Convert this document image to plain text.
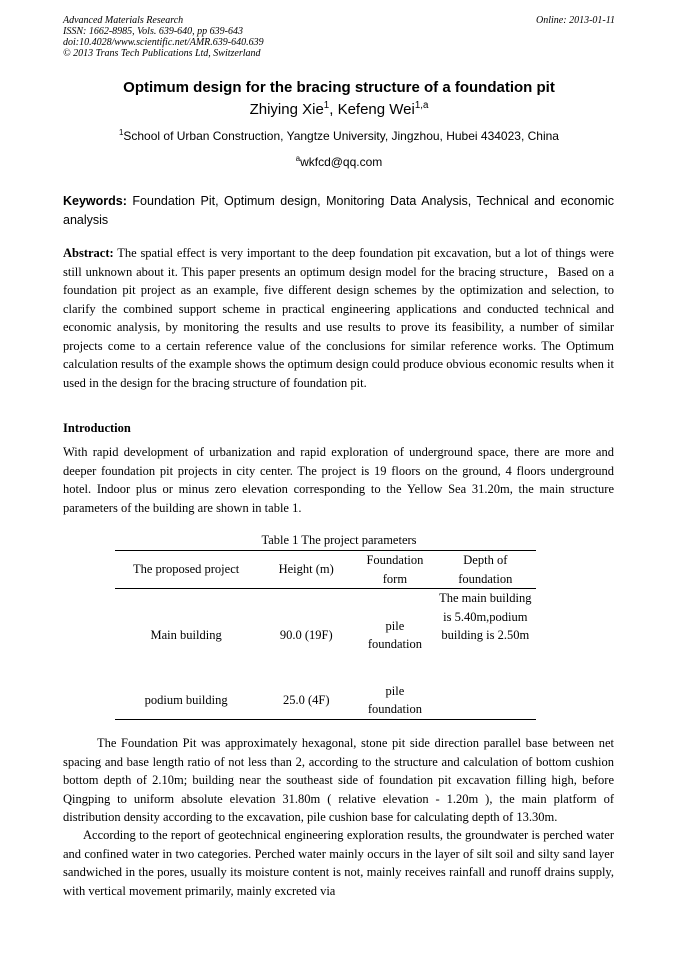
Advanced Materials Research
ISSN: 1662-8985, Vols. 639-640, pp 639-643
doi:10.4028/www.scientific.net/AMR.639-640.639
© 2013 Trans Tech Publications Ltd, Switzerland
Online: 2013-01-11
Optimum design for the bracing structure of a foundation pit
Zhiying Xie$^1$, Kefeng Wei$^{1,a}$
$^1$School of Urban Construction, Yangtze University, Jingzhou, Hubei 434023, China
$^a$wkfcd@qq.com
Keywords: Foundation Pit, Optimum design, Monitoring Data Analysis, Technical and economic analysis
Abstract: The spatial effect is very important to the deep foundation pit excavation, but a lot of things were still unknown about it. This paper presents an optimum design model for the bracing structure，Based on a foundation pit project as an example, five different design schemes by the optimization and selection, to clarify the combined support scheme in practical engineering applications and conducted technical and economic analysis, by monitoring the results and use results to prove its feasibility, a number of similar projects come to a certain reference value of the conclusions for similar reference works. The Optimum calculation results of the example shows the optimum design could produce obvious economic results when it used in the design for the bracing structure of foundation pit.
Introduction
With rapid development of urbanization and rapid exploration of underground space, there are more and deeper foundation pit projects in city center. The project is 19 floors on the ground, 4 floors underground hotel. Indoor plus or minus zero elevation corresponding to the Yellow Sea 31.20m, the main structure parameters of the building are shown in table 1.
Table 1 The project parameters
The proposed project	Height (m)	Foundation form	Depth of foundation
Main building	90.0 (19F)	pile foundation	The main building is 5.40m,podium building is 2.50m
podium building	25.0 (4F)	pile foundation	
The Foundation Pit was approximately hexagonal, stone pit side direction parallel base between net spacing and base length ratio of not less than 2, according to the structure and calculation of bottom cushion bottom depth of 2.10m; building near the southeast side of foundation pit excavation filling high, before Qingping to uniform absolute elevation 31.80m ( relative elevation - 1.20m ), the main platform of distribution density according to the excavation, pile cushion base for calculating depth of 13.30m.
According to the report of geotechnical engineering exploration results, the groundwater is perched water and confined water in two categories. Perched water mainly occurs in the layer of silt soil and silty sand layer sandwiched in the pores, usually its moisture content is not, mainly receives rainfall and runoff drains supply, with vertical movement primarily, mainly excreted via
